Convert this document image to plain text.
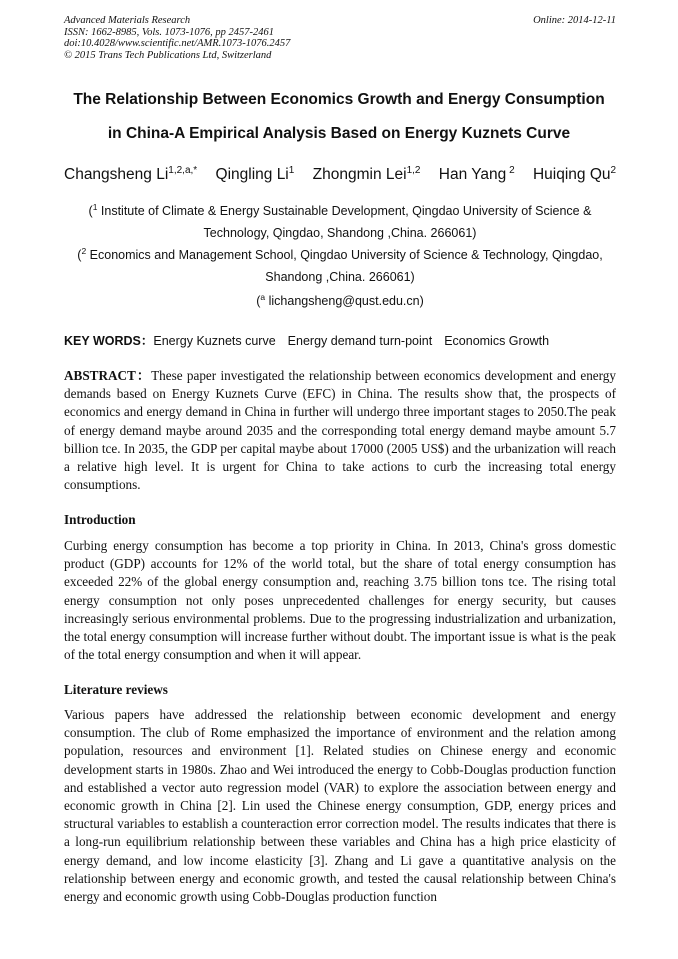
Advanced Materials Research
ISSN: 1662-8985, Vols. 1073-1076, pp 2457-2461
doi:10.4028/www.scientific.net/AMR.1073-1076.2457
© 2015 Trans Tech Publications Ltd, Switzerland
Online: 2014-12-11
The Relationship Between Economics Growth and Energy Consumption
in China-A Empirical Analysis Based on Energy Kuznets Curve
Changsheng $Li^{1,2,a,*}$ Qingling Li$^1$ Zhongmin Lei$^{1,2}$ Han Yang $^2$ Huiqing Qu$^2$
($^1$ Institute of Climate & Energy Sustainable Development, Qingdao University of Science &
Technology, Qingdao, Shandong ,China. 266061)
($^2$ Economics and Management School, Qingdao University of Science & Technology, Qingdao,
Shandong ,China. 266061)
($^a$ lichangsheng@qust.edu.cn)
KEY WORDS：Energy Kuznets curve Energy demand turn-point Economics Growth
ABSTRACT：These paper investigated the relationship between economics development and energy demands based on Energy Kuznets Curve (EFC) in China. The results show that, the prospects of economics and energy demand in China in further will undergo three important stages to 2050.The peak of energy demand maybe around 2035 and the corresponding total energy demand maybe amount 5.7 billion tce. In 2035, the GDP per capital maybe about 17000 (2005 US$) and the urbanization will reach a relative high level. It is urgent for China to take actions to curb the increasing total energy consumptions.
Introduction
Curbing energy consumption has become a top priority in China. In 2013, China's gross domestic product (GDP) accounts for 12% of the world total, but the share of total energy consumption has exceeded 22% of the global energy consumption and, reaching 3.75 billion tons tce. The rising total energy consumption not only poses unprecedented challenges for energy security, but causes increasingly serious environmental problems. Due to the progressing industrialization and urbanization, the total energy consumption will increase further without doubt. The important issue is what is the peak of the total energy consumption and when it will appear.
Literature reviews
Various papers have addressed the relationship between economic development and energy consumption. The club of Rome emphasized the importance of environment and the relation among population, resources and environment [1]. Related studies on Chinese energy and economic development starts in 1980s. Zhao and Wei introduced the energy to Cobb-Douglas production function and established a vector auto regression model (VAR) to explore the association between energy and economic growth in China [2]. Lin used the Chinese energy consumption, GDP, energy prices and structural variables to establish a counteraction error correction model. The results indicates that there is a long-run equilibrium relationship between these variables and China has a high price elasticity of energy demand, and low income elasticity [3]. Zhang and Li gave a quantitative analysis on the relationship between energy and economic growth, and tested the causal relationship between China's energy and economic growth using Cobb-Douglas production function
